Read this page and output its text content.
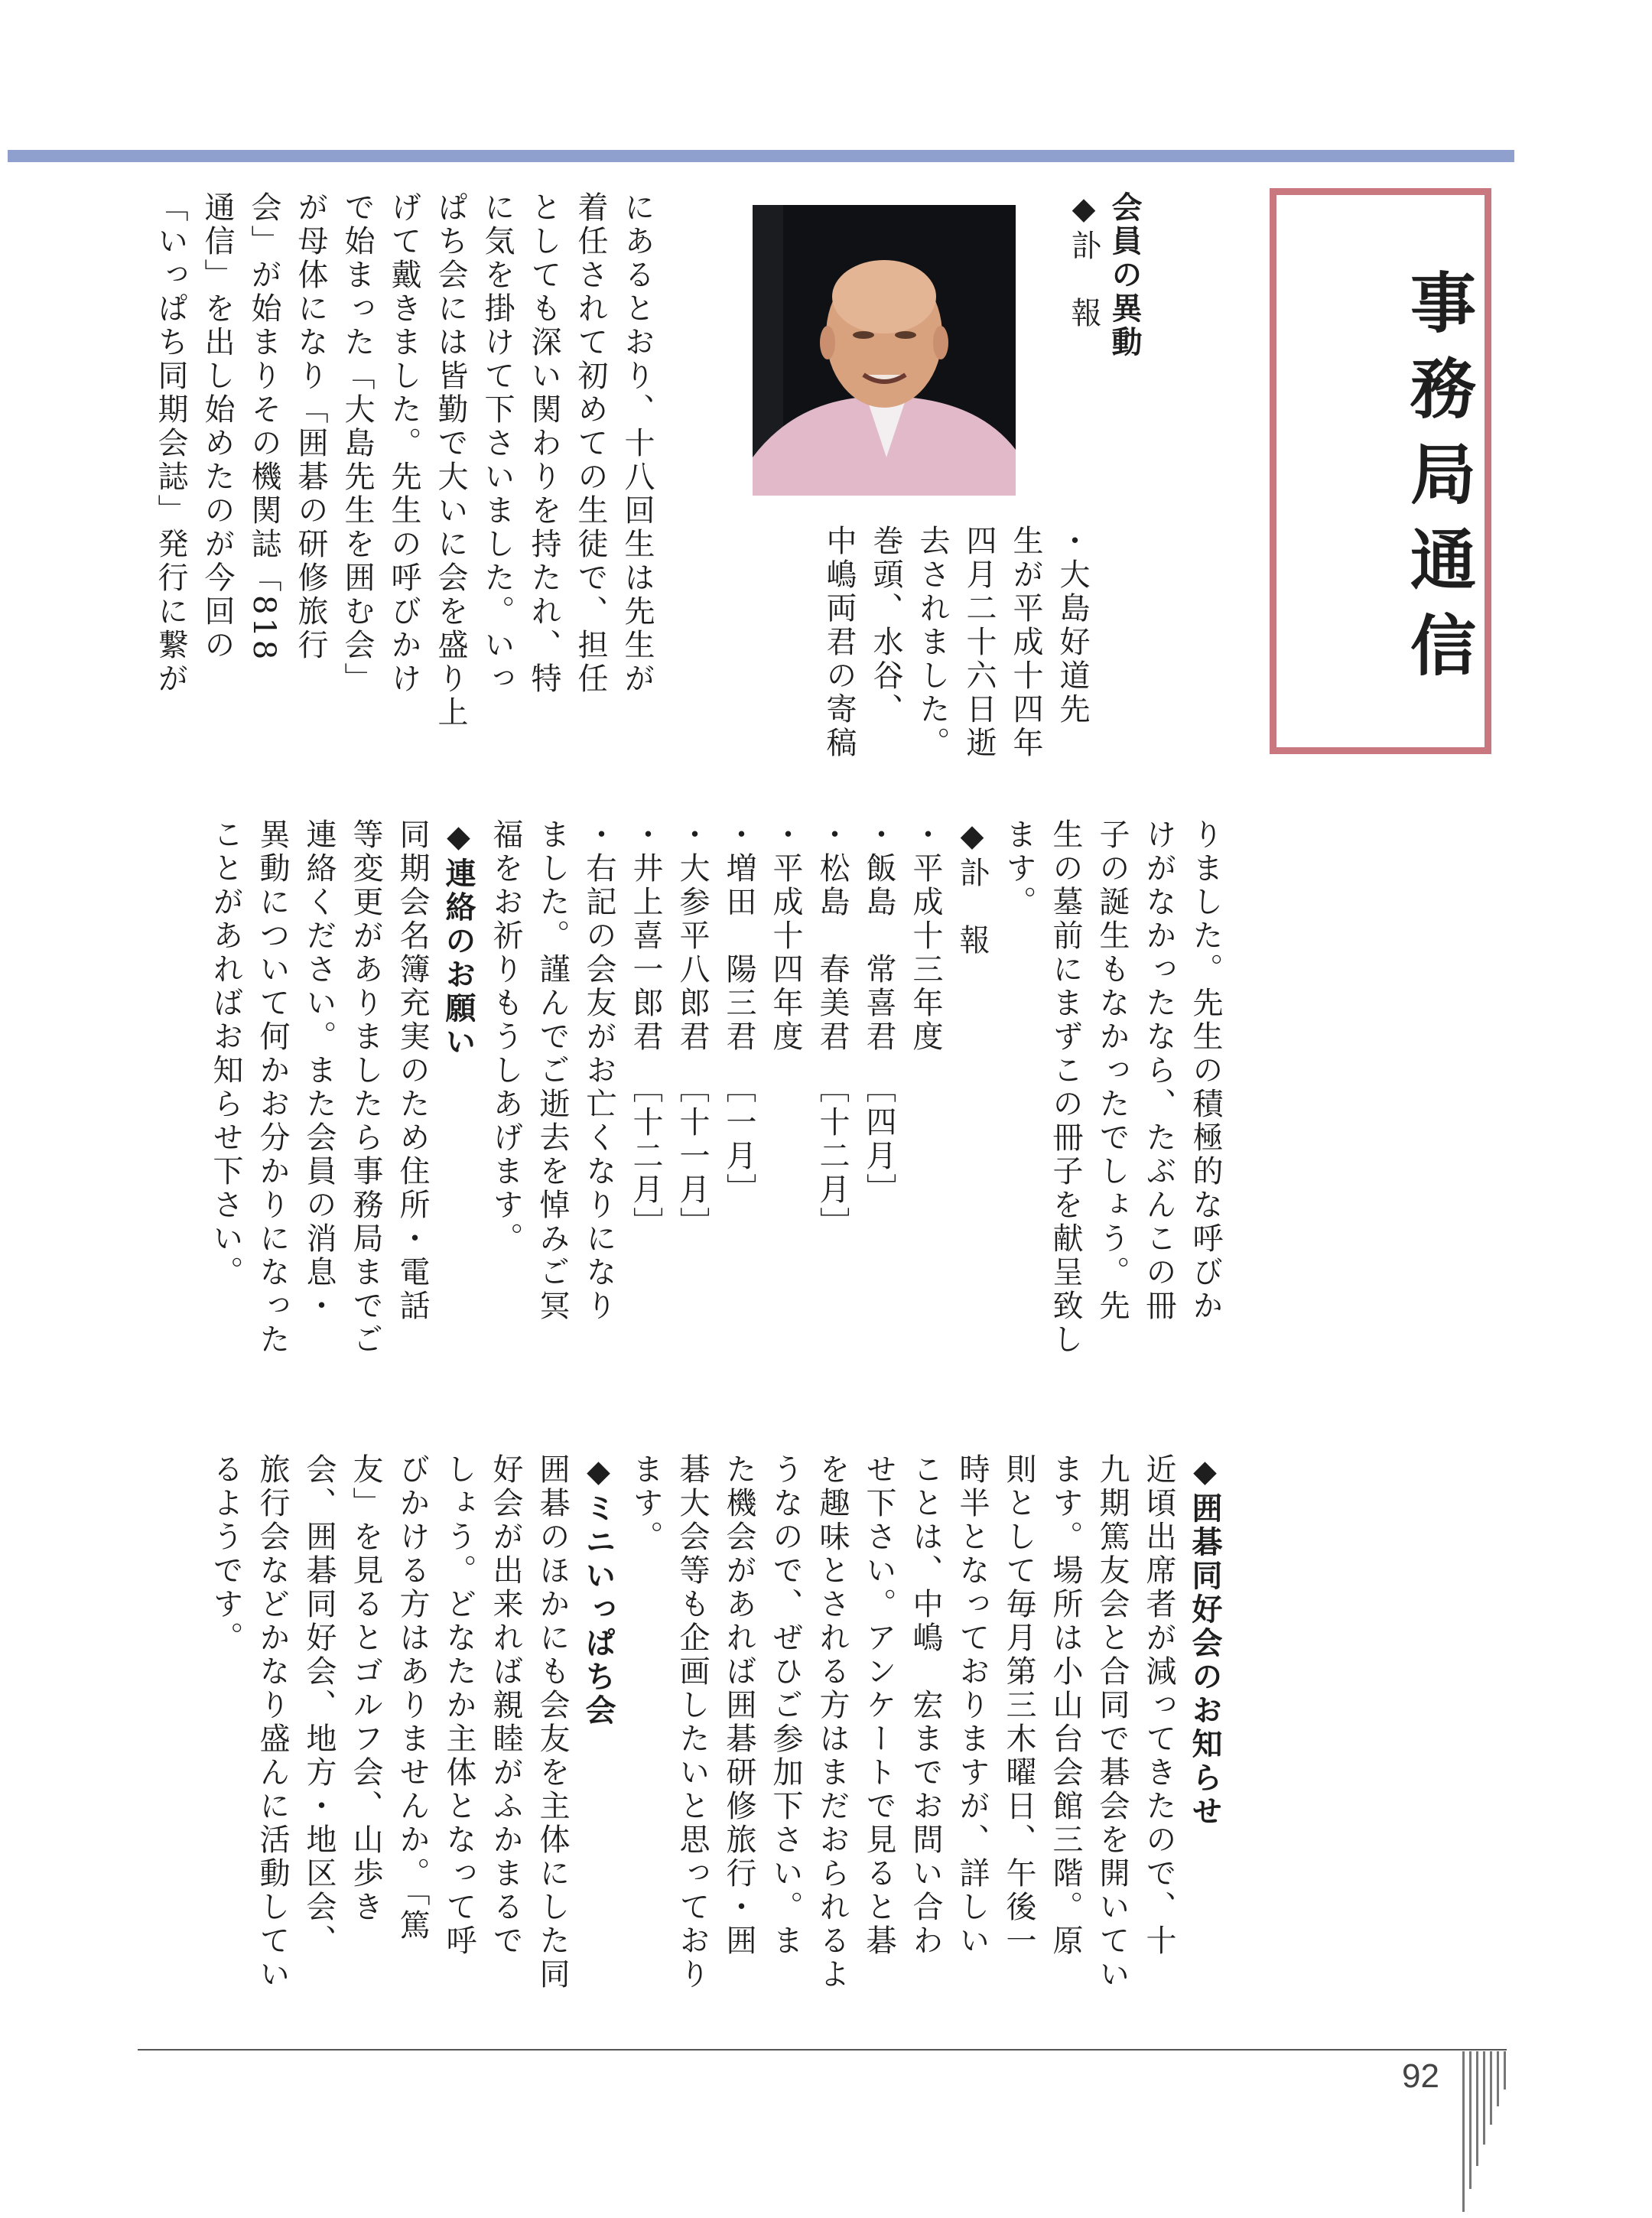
事務局通信
会員の異動
◆訃　報
・大島好道先
生が平成十四年
四月二十六日逝
去されました。
巻頭、水谷、
中嶋両君の寄稿
にあるとおり、十八回生は先生が
着任されて初めての生徒で、担任
としても深い関わりを持たれ、特
に気を掛けて下さいました。いっ
ぱち会には皆勤で大いに会を盛り上
げて戴きました。先生の呼びかけ
で始まった「大島先生を囲む会」
が母体になり「囲碁の研修旅行
会」が始まりその機関誌「818
通信」を出し始めたのが今回の
「いっぱち同期会誌」発行に繋が
りました。先生の積極的な呼びか
けがなかったなら、たぶんこの冊
子の誕生もなかったでしょう。先
生の墓前にまずこの冊子を献呈致し
ます。
◆訃　報
・平成十三年度
・飯島　常喜君　［四月］
・松島　春美君　［十二月］
・平成十四年度
・増田　陽三君　［一月］
・大参平八郎君　［十一月］
・井上喜一郎君　［十二月］
・右記の会友がお亡くなりになり
ました。謹んでご逝去を悼みご冥
福をお祈りもうしあげます。
◆連絡のお願い
同期会名簿充実のため住所・電話
等変更がありましたら事務局までご
連絡ください。また会員の消息・
異動について何かお分かりになった
ことがあればお知らせ下さい。
◆囲碁同好会のお知らせ
近頃出席者が減ってきたので、十
九期篤友会と合同で碁会を開いてい
ます。場所は小山台会館三階。原
則として毎月第三木曜日、午後一
時半となっておりますが、詳しい
ことは、中嶋　宏までお問い合わ
せ下さい。アンケートで見ると碁
を趣味とされる方はまだおられるよ
うなので、ぜひご参加下さい。ま
た機会があれば囲碁研修旅行・囲
碁大会等も企画したいと思っており
ます。
◆ミニいっぱち会
囲碁のほかにも会友を主体にした同
好会が出来れば親睦がふかまるで
しょう。どなたか主体となって呼
びかける方はありませんか。「篤
友」を見るとゴルフ会、山歩き
会、囲碁同好会、地方・地区会、
旅行会などかなり盛んに活動してい
るようです。
92
